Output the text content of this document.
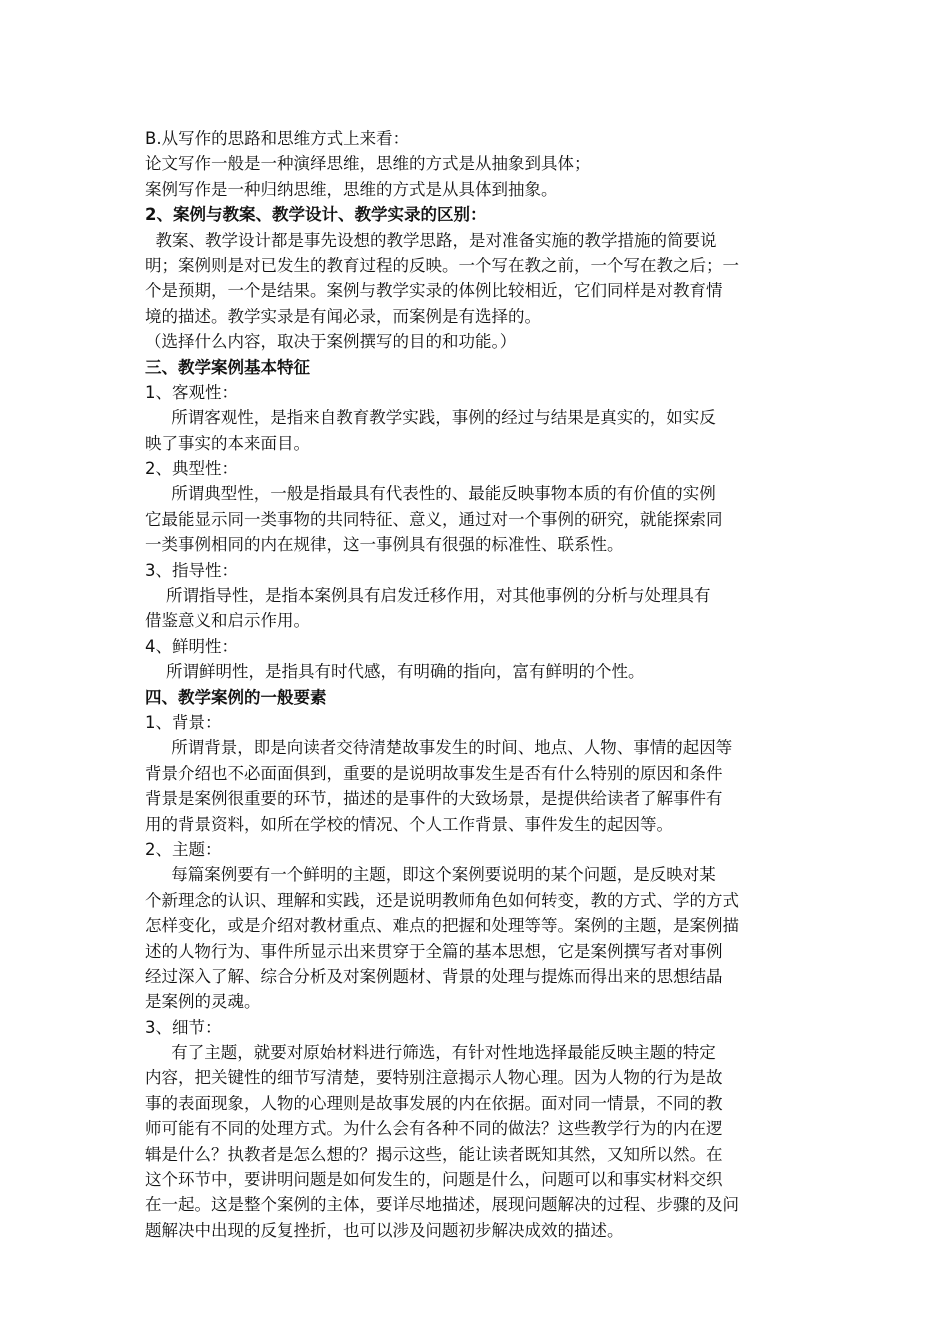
B.从写作的思路和思维方式上来看：
论文写作一般是一种演绎思维，思维的方式是从抽象到具体；
案例写作是一种归纳思维，思维的方式是从具体到抽象。
2、案例与教案、教学设计、教学实录的区别：
教案、教学设计都是事先设想的教学思路，是对准备实施的教学措施的简要说
明；案例则是对已发生的教育过程的反映。一个写在教之前，一个写在教之后；一
个是预期，一个是结果。案例与教学实录的体例比较相近，它们同样是对教育情
境的描述。教学实录是有闻必录，而案例是有选择的。
（选择什么内容，取决于案例撰写的目的和功能。）
三、教学案例基本特征
1、客观性：
所谓客观性，是指来自教育教学实践，事例的经过与结果是真实的，如实反
映了事实的本来面目。
2、典型性：
所谓典型性，一般是指最具有代表性的、最能反映事物本质的有价值的实例
它最能显示同一类事物的共同特征、意义，通过对一个事例的研究，就能探索同
一类事例相同的内在规律，这一事例具有很强的标准性、联系性。
3、指导性：
所谓指导性，是指本案例具有启发迁移作用，对其他事例的分析与处理具有
借鉴意义和启示作用。
4、鲜明性：
所谓鲜明性，是指具有时代感，有明确的指向，富有鲜明的个性。
四、教学案例的一般要素
1、背景：
所谓背景，即是向读者交待清楚故事发生的时间、地点、人物、事情的起因等
背景介绍也不必面面俱到，重要的是说明故事发生是否有什么特别的原因和条件
背景是案例很重要的环节，描述的是事件的大致场景，是提供给读者了解事件有
用的背景资料，如所在学校的情况、个人工作背景、事件发生的起因等。
2、主题：
每篇案例要有一个鲜明的主题，即这个案例要说明的某个问题，是反映对某
个新理念的认识、理解和实践，还是说明教师角色如何转变，教的方式、学的方式
怎样变化，或是介绍对教材重点、难点的把握和处理等等。案例的主题，是案例描
述的人物行为、事件所显示出来贯穿于全篇的基本思想，它是案例撰写者对事例
经过深入了解、综合分析及对案例题材、背景的处理与提炼而得出来的思想结晶
是案例的灵魂。
3、细节：
有了主题，就要对原始材料进行筛选，有针对性地选择最能反映主题的特定
内容，把关键性的细节写清楚，要特别注意揭示人物心理。因为人物的行为是故
事的表面现象，人物的心理则是故事发展的内在依据。面对同一情景，不同的教
师可能有不同的处理方式。为什么会有各种不同的做法？这些教学行为的内在逻
辑是什么？执教者是怎么想的？揭示这些，能让读者既知其然，又知所以然。在
这个环节中，要讲明问题是如何发生的，问题是什么，问题可以和事实材料交织
在一起。这是整个案例的主体，要详尽地描述，展现问题解决的过程、步骤的及问
题解决中出现的反复挫折，也可以涉及问题初步解决成效的描述。
